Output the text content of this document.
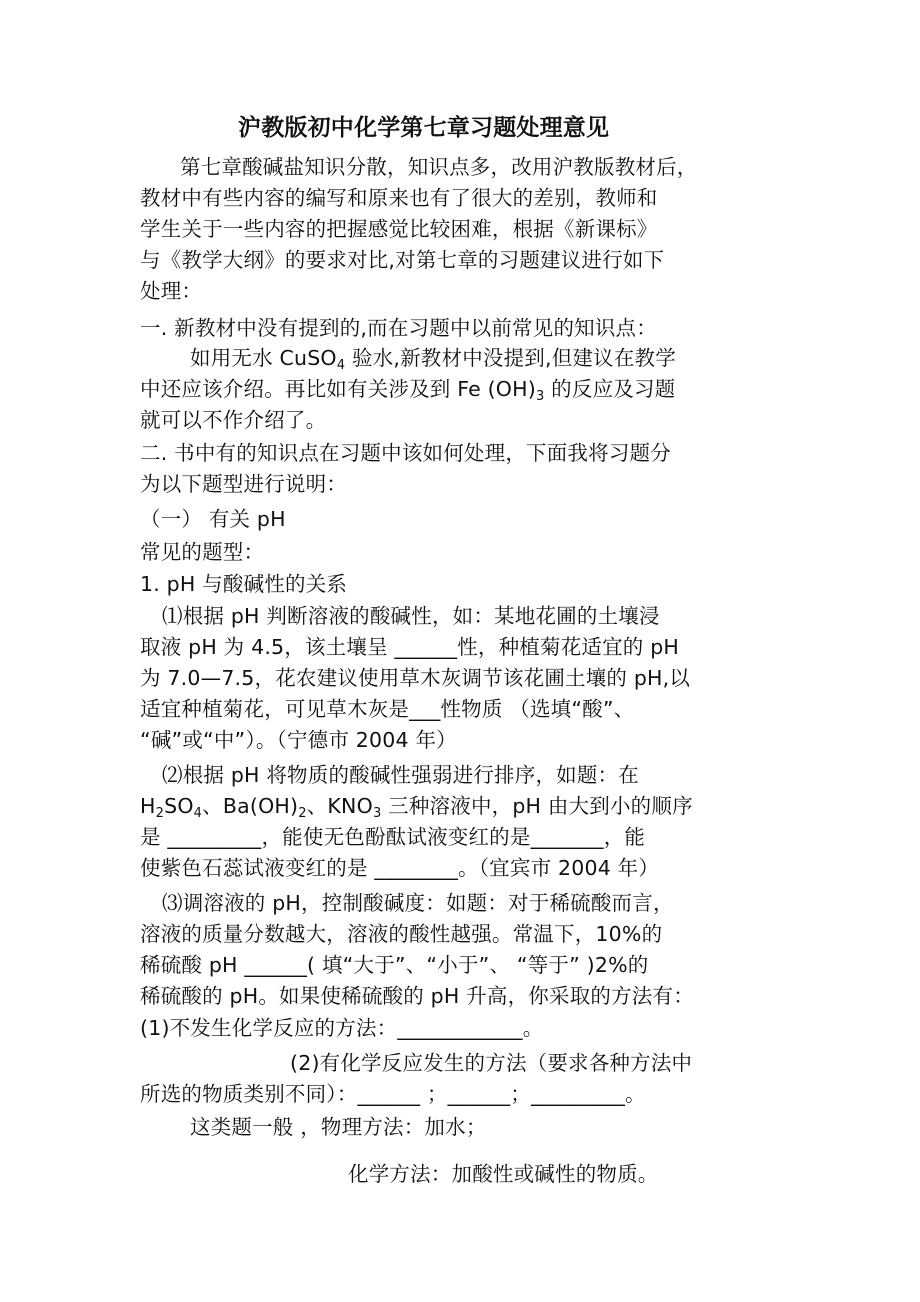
沪教版初中化学第七章习题处理意见
第七章酸碱盐知识分散，知识点多，改用沪教版教材后，
教材中有些内容的编写和原来也有了很大的差别，教师和
学生关于一些内容的把握感觉比较困难，根据《新课标》
与《教学大纲》的要求对比,对第七章的习题建议进行如下
处理：
一. 新教材中没有提到的,而在习题中以前常见的知识点：
如用无水 CuSO$_4$ 验水,新教材中没提到,但建议在教学
中还应该介绍。再比如有关涉及到 Fe $(OH)_3$ 的反应及习题
就可以不作介绍了。
二. 书中有的知识点在习题中该如何处理，下面我将习题分
为以下题型进行说明：
（一） 有关 pH
常见的题型：
1. pH 与酸碱性的关系
⑴根据 pH 判断溶液的酸碱性，如：某地花圃的土壤浸
取液 pH 为 4.5，该土壤呈 ______性，种植菊花适宜的 pH
为 7.0—7.5，花农建议使用草木灰调节该花圃土壤的 pH,以
适宜种植菊花，可见草木灰是___性物质 （选填“酸”、
“碱”或“中”）。（宁德市 2004 年）
⑵根据 pH 将物质的酸碱性强弱进行排序，如题：在
$H_2SO_4$、$Ba(OH)_2$、$KNO_3$ 三种溶液中，pH 由大到小的顺序
是 _________，能使无色酚酞试液变红的是_______，能
使紫色石蕊试液变红的是 ________。（宜宾市 2004 年）
⑶调溶液的 pH，控制酸碱度：如题：对于稀硫酸而言，
溶液的质量分数越大，溶液的酸性越强。常温下，10%的
稀硫酸 pH ______( 填“大于”、“小于”、 “等于” )2%的
稀硫酸的 pH。如果使稀硫酸的 pH 升高，你采取的方法有：
(1)不发生化学反应的方法：____________。
(2)有化学反应发生的方法（要求各种方法中
所选的物质类别不同）：______ ；______；_________。
这类题一般 ，物理方法：加水；
化学方法：加酸性或碱性的物质。
